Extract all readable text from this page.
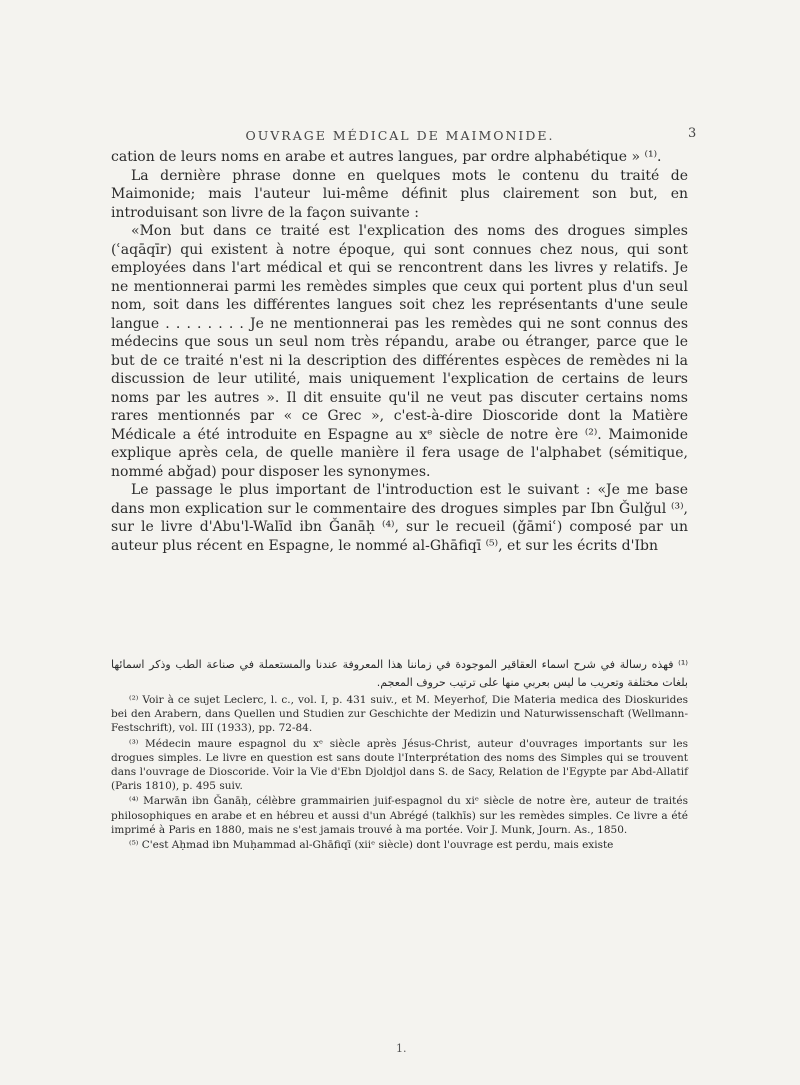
OUVRAGE MÉDICAL DE MAIMONIDE.	3

cation de leurs noms en arabe et autres langues, par ordre alphabétique » ⁽¹⁾.

La dernière phrase donne en quelques mots le contenu du traité de Maimonide; mais l'auteur lui-même définit plus clairement son but, en introduisant son livre de la façon suivante :

«Mon but dans ce traité est l'explication des noms des drogues simples (ʿaqāqīr) qui existent à notre époque, qui sont connues chez nous, qui sont employées dans l'art médical et qui se rencontrent dans les livres y relatifs. Je ne mentionnerai parmi les remèdes simples que ceux qui portent plus d'un seul nom, soit dans les différentes langues soit chez les représentants d'une seule langue . . . . . . . . Je ne mentionnerai pas les remèdes qui ne sont connus des médecins que sous un seul nom très répandu, arabe ou étranger, parce que le but de ce traité n'est ni la description des différentes espèces de remèdes ni la discussion de leur utilité, mais uniquement l'explication de certains de leurs noms par les autres ». Il dit ensuite qu'il ne veut pas discuter certains noms rares mentionnés par « ce Grec », c'est-à-dire Dioscoride dont la Matière Médicale a été introduite en Espagne au xᵉ siècle de notre ère ⁽²⁾. Maimonide explique après cela, de quelle manière il fera usage de l'alphabet (sémitique, nommé abǧad) pour disposer les synonymes.

Le passage le plus important de l'introduction est le suivant : «Je me base dans mon explication sur le commentaire des drogues simples par Ibn Ǧulǧul ⁽³⁾, sur le livre d'Abu'l-Walīd ibn Ǧanāḥ ⁽⁴⁾, sur le recueil (ǧāmiʿ) composé par un auteur plus récent en Espagne, le nommé al-Ghāfiqī ⁽⁵⁾, et sur les écrits d'Ibn

⁽¹⁾ فهذه رسالة في شرح اسماء العقاقير الموجودة في زماننا هذا المعروفة عندنا والمستعملة في صناعة الطب وذكر اسمائها بلغات مختلفة وتعريب ما ليس بعربي منها على ترتيب حروف المعجم.

⁽²⁾ Voir à ce sujet Leclerc, l. c., vol. I, p. 431 suiv., et M. Meyerhof, Die Materia medica des Dioskurides bei den Arabern, dans Quellen und Studien zur Geschichte der Medizin und Naturwissenschaft (Wellmann-Festschrift), vol. III (1933), pp. 72-84.

⁽³⁾ Médecin maure espagnol du xᵉ siècle après Jésus-Christ, auteur d'ouvrages importants sur les drogues simples. Le livre en question est sans doute l'Interprétation des noms des Simples qui se trouvent dans l'ouvrage de Dioscoride. Voir la Vie d'Ebn Djoldjol dans S. de Sacy, Relation de l'Egypte par Abd-Allatif (Paris 1810), p. 495 suiv.

⁽⁴⁾ Marwān ibn Ǧanāḥ, célèbre grammairien juif-espagnol du xiᵉ siècle de notre ère, auteur de traités philosophiques en arabe et en hébreu et aussi d'un Abrégé (talkhīs) sur les remèdes simples. Ce livre a été imprimé à Paris en 1880, mais ne s'est jamais trouvé à ma portée. Voir J. Munk, Journ. As., 1850.

⁽⁵⁾ C'est Aḥmad ibn Muḥammad al-Ghāfiqī (xiiᵉ siècle) dont l'ouvrage est perdu, mais existe

1.
